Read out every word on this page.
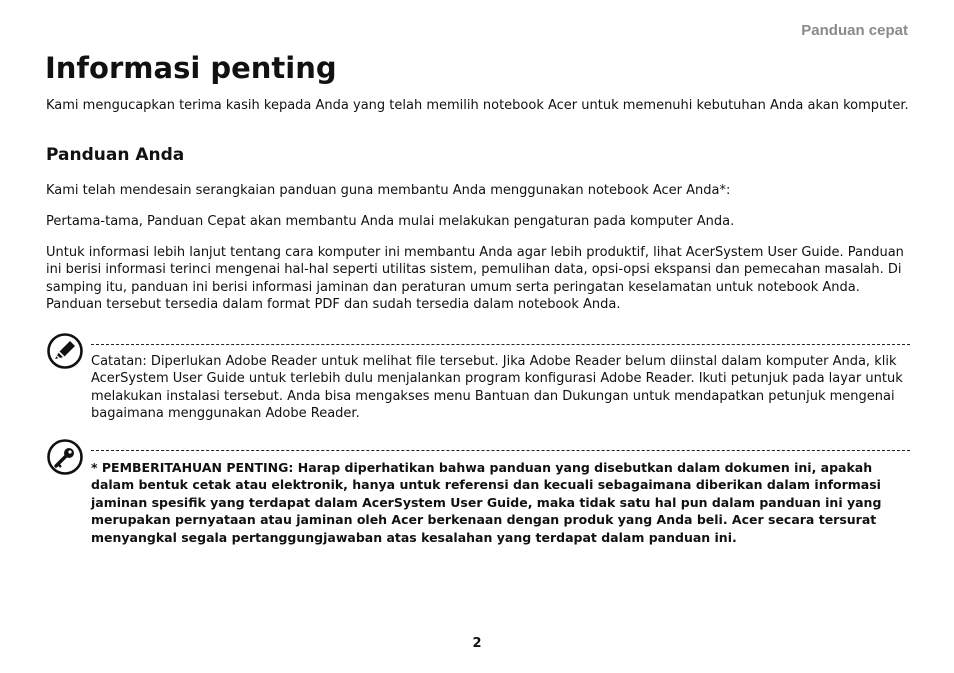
Panduan cepat
Informasi penting

Kami mengucapkan terima kasih kepada Anda yang telah memilih notebook Acer untuk memenuhi kebutuhan Anda akan komputer.

Panduan Anda

Kami telah mendesain serangkaian panduan guna membantu Anda menggunakan notebook Acer Anda*:

Pertama-tama, Panduan Cepat akan membantu Anda mulai melakukan pengaturan pada komputer Anda.

Untuk informasi lebih lanjut tentang cara komputer ini membantu Anda agar lebih produktif, lihat AcerSystem User Guide. Panduan ini berisi informasi terinci mengenai hal-hal seperti utilitas sistem, pemulihan data, opsi-opsi ekspansi dan pemecahan masalah. Di samping itu, panduan ini berisi informasi jaminan dan peraturan umum serta peringatan keselamatan untuk notebook Anda. Panduan tersebut tersedia dalam format PDF dan sudah tersedia dalam notebook Anda.

Catatan: Diperlukan Adobe Reader untuk melihat file tersebut. Jika Adobe Reader belum diinstal dalam komputer Anda, klik AcerSystem User Guide untuk terlebih dulu menjalankan program konfigurasi Adobe Reader. Ikuti petunjuk pada layar untuk melakukan instalasi tersebut. Anda bisa mengakses menu Bantuan dan Dukungan untuk mendapatkan petunjuk mengenai bagaimana menggunakan Adobe Reader.

* PEMBERITAHUAN PENTING: Harap diperhatikan bahwa panduan yang disebutkan dalam dokumen ini, apakah dalam bentuk cetak atau elektronik, hanya untuk referensi dan kecuali sebagaimana diberikan dalam informasi jaminan spesifik yang terdapat dalam AcerSystem User Guide, maka tidak satu hal pun dalam panduan ini yang merupakan pernyataan atau jaminan oleh Acer berkenaan dengan produk yang Anda beli. Acer secara tersurat menyangkal segala pertanggungjawaban atas kesalahan yang terdapat dalam panduan ini.

2
